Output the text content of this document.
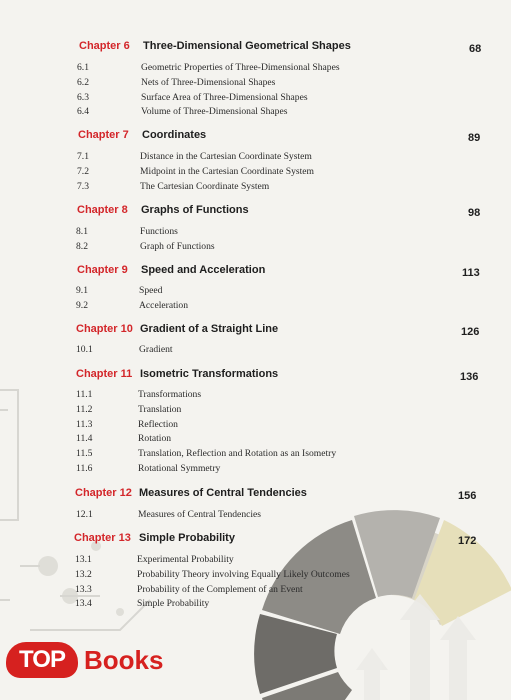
Chapter 6 Three-Dimensional Geometrical Shapes	68
6.1	Geometric Properties of Three-Dimensional Shapes
6.2	Nets of Three-Dimensional Shapes
6.3	Surface Area of Three-Dimensional Shapes
6.4	Volume of Three-Dimensional Shapes
Chapter 7 Coordinates	89
7.1	Distance in the Cartesian Coordinate System
7.2	Midpoint in the Cartesian Coordinate System
7.3	The Cartesian Coordinate System
Chapter 8 Graphs of Functions	98
8.1	Functions
8.2	Graph of Functions
Chapter 9 Speed and Acceleration	113
9.1	Speed
9.2	Acceleration
Chapter 10 Gradient of a Straight Line	126
10.1	Gradient
Chapter 11 Isometric Transformations	136
11.1	Transformations
11.2	Translation
11.3	Reflection
11.4	Rotation
11.5	Translation, Reflection and Rotation as an Isometry
11.6	Rotational Symmetry
Chapter 12 Measures of Central Tendencies	156
12.1	Measures of Central Tendencies
Chapter 13 Simple Probability	172
13.1	Experimental Probability
13.2	Probability Theory involving Equally Likely Outcomes
13.3	Probability of the Complement of an Event
13.4	Simple Probability
TOP Books
